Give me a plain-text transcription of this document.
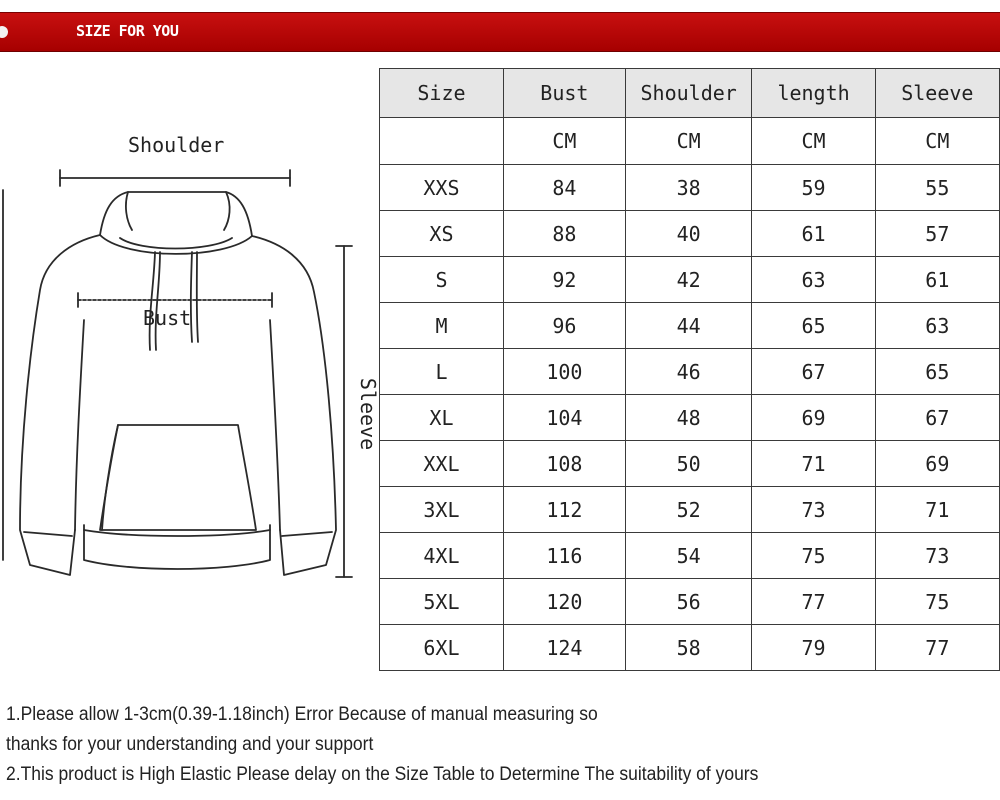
SIZE FOR YOU
Shoulder
Bust
Sleeve
Size	Bust	Shoulder	length	Sleeve
	CM	CM	CM	CM
XXS	84	38	59	55
XS	88	40	61	57
S	92	42	63	61
M	96	44	65	63
L	100	46	67	65
XL	104	48	69	67
XXL	108	50	71	69
3XL	112	52	73	71
4XL	116	54	75	73
5XL	120	56	77	75
6XL	124	58	79	77
1.Please allow 1-3cm(0.39-1.18inch) Error Because of manual measuring so
thanks for your understanding and your support
2.This product is High Elastic Please delay on the Size Table to Determine The suitability of yours
